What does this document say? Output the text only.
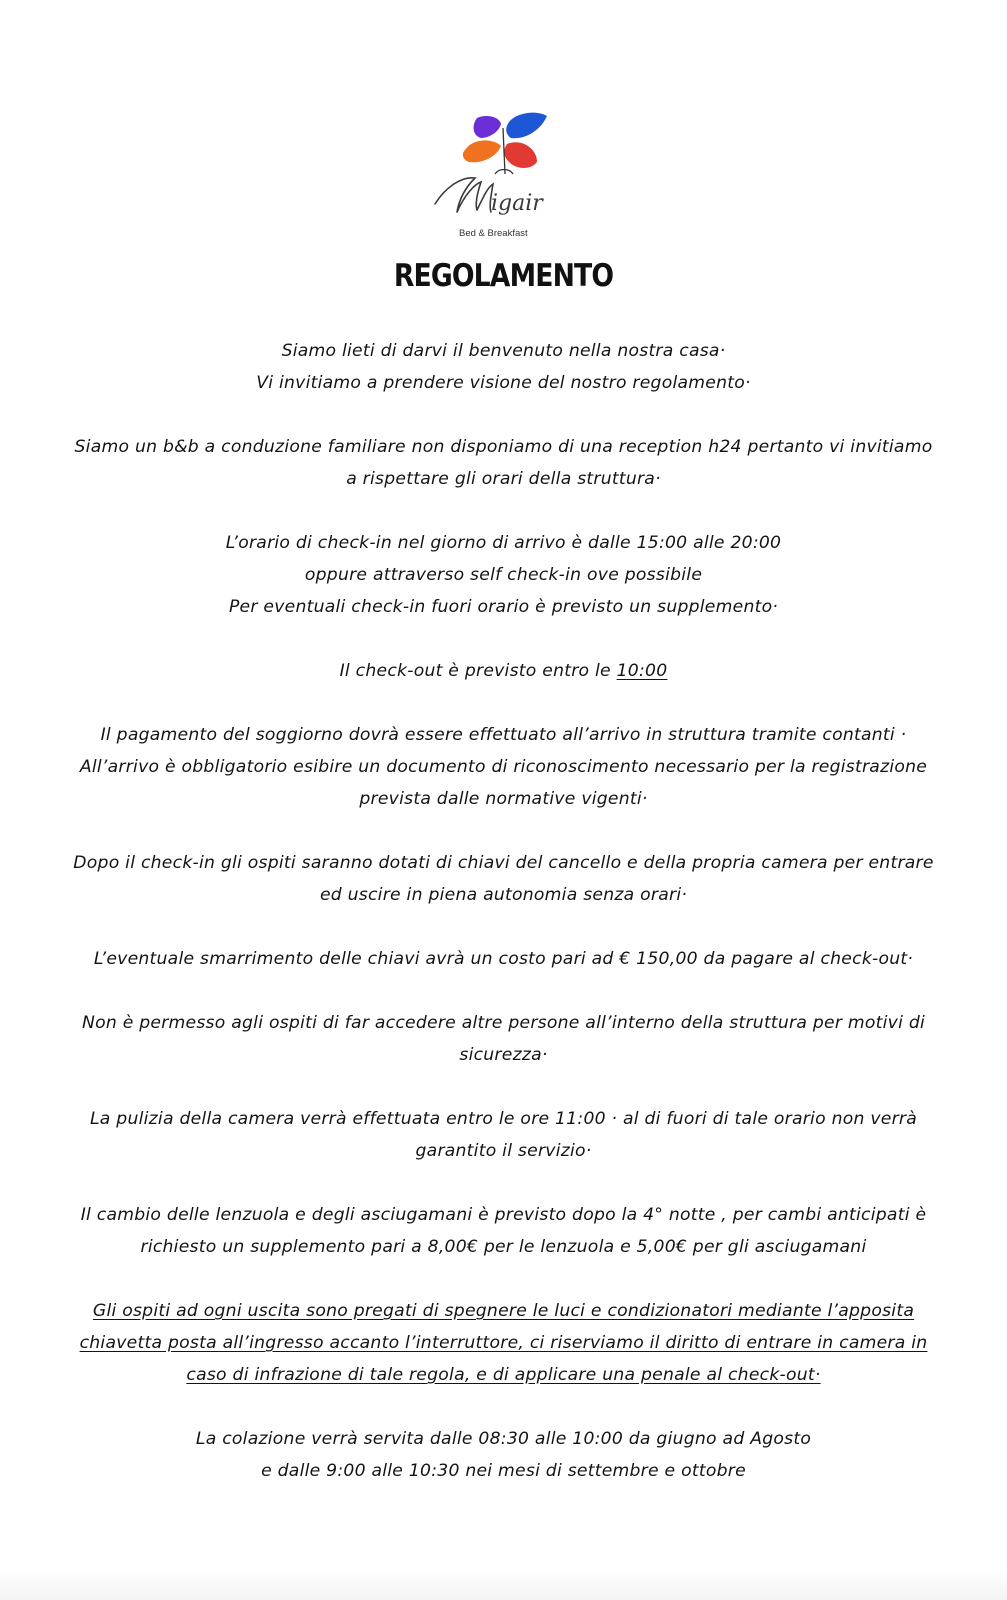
igair
Bed & Breakfast
REGOLAMENTO

Siamo lieti di darvi il benvenuto nella nostra casa·
Vi invitiamo a prendere visione del nostro regolamento·

Siamo un b&b a conduzione familiare non disponiamo di una reception h24 pertanto vi invitiamo
a rispettare gli orari della struttura·

L’orario di check-in nel giorno di arrivo è dalle 15:00 alle 20:00
oppure attraverso self check-in ove possibile
Per eventuali check-in fuori orario è previsto un supplemento·

Il check-out è previsto entro le 10:00

Il pagamento del soggiorno dovrà essere effettuato all’arrivo in struttura tramite contanti ·
All’arrivo è obbligatorio esibire un documento di riconoscimento necessario per la registrazione
prevista dalle normative vigenti·

Dopo il check-in gli ospiti saranno dotati di chiavi del cancello e della propria camera per entrare
ed uscire in piena autonomia senza orari·

L’eventuale smarrimento delle chiavi avrà un costo pari ad € 150,00 da pagare al check-out·

Non è permesso agli ospiti di far accedere altre persone all’interno della struttura per motivi di
sicurezza·

La pulizia della camera verrà effettuata entro le ore 11:00 · al di fuori di tale orario non verrà
garantito il servizio·

Il cambio delle lenzuola e degli asciugamani è previsto dopo la 4° notte , per cambi anticipati è
richiesto un supplemento pari a 8,00€ per le lenzuola e 5,00€ per gli asciugamani

Gli ospiti ad ogni uscita sono pregati di spegnere le luci e condizionatori mediante l’apposita
chiavetta posta all’ingresso accanto l’interruttore, ci riserviamo il diritto di entrare in camera in
caso di infrazione di tale regola, e di applicare una penale al check-out·

La colazione verrà servita dalle 08:30 alle 10:00 da giugno ad Agosto
e dalle 9:00 alle 10:30 nei mesi di settembre e ottobre
